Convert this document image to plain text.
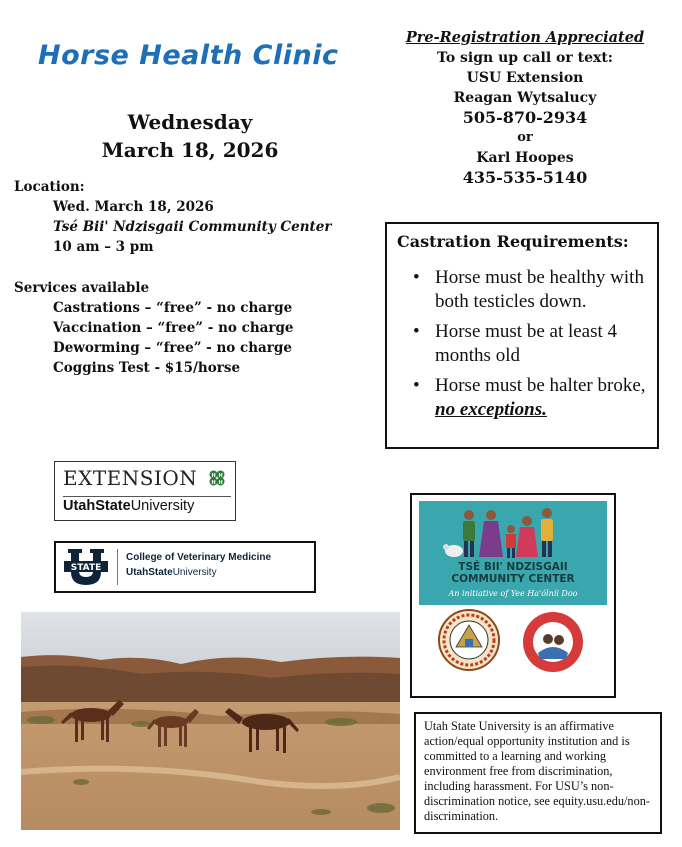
Horse Health Clinic
Wednesday
March 18, 2026
Location:
Wed. March 18, 2026
Tsé Bii' Ndzisgaii Community Center
10 am – 3 pm
Services available
Castrations – “free” - no charge
Vaccination – “free” - no charge
Deworming – “free” - no charge
Coggins Test - $15/horse
Pre-Registration Appreciated
To sign up call or text:
USU Extension
Reagan Wytsalucy
505-870-2934
or
Karl Hoopes
435-535-5140
Castration Requirements:
• Horse must be healthy with both testicles down.
• Horse must be at least 4 months old
• Horse must be halter broke, no exceptions.
EXTENSION	H H
H H
UtahStateUniversity
STATE
College of Veterinary Medicine
UtahStateUniversity	TSÉ BII' NDZISGAII
COMMUNITY CENTER
An initiative of Yee Ha'ólníi Doo
Utah State University is an affirmative action/equal opportunity institution and is committed to a learning and working environment free from discrimination, including harassment. For USU’s non-discrimination notice, see equity.usu.edu/non-discrimination.
